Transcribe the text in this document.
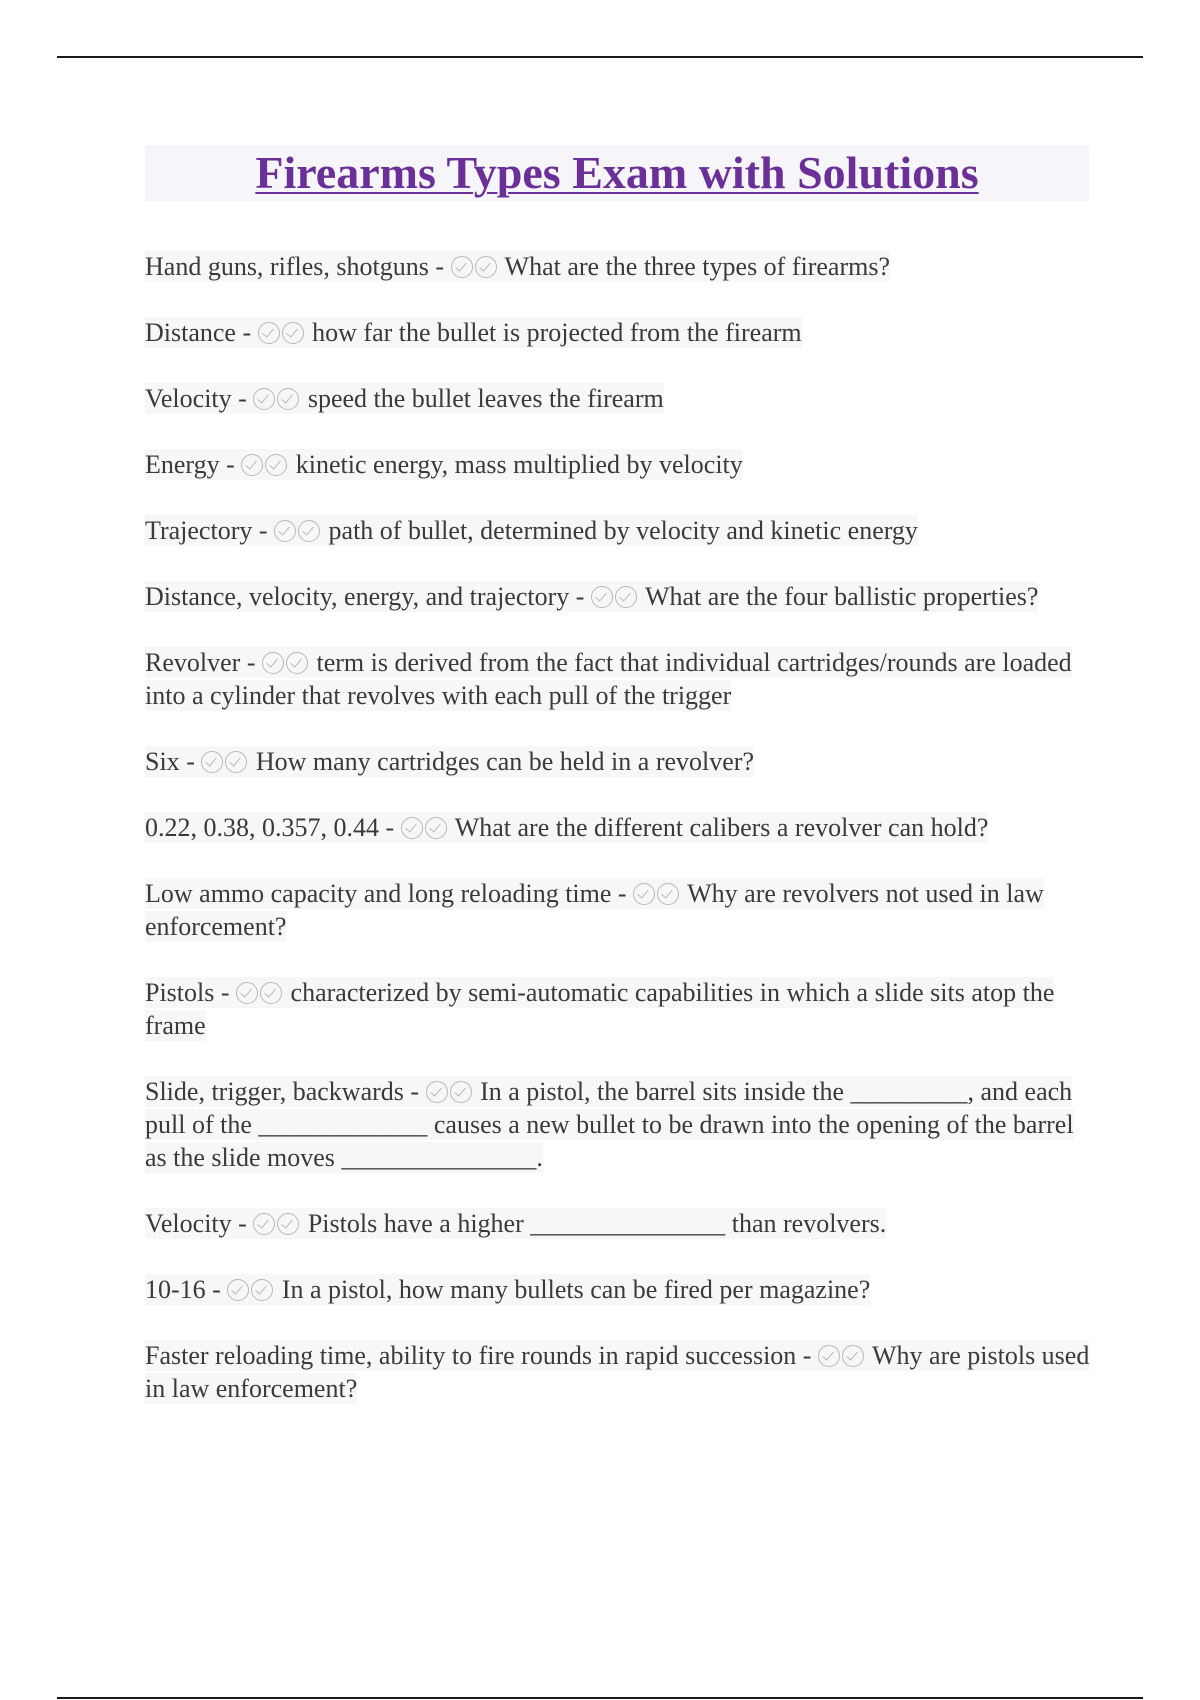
Firearms Types Exam with Solutions
Hand guns, rifles, shotguns -  What are the three types of firearms?
Distance -  how far the bullet is projected from the firearm
Velocity -  speed the bullet leaves the firearm
Energy -  kinetic energy, mass multiplied by velocity
Trajectory -  path of bullet, determined by velocity and kinetic energy
Distance, velocity, energy, and trajectory -  What are the four ballistic properties?
Revolver -  term is derived from the fact that individual cartridges/rounds are loaded into a cylinder that revolves with each pull of the trigger
Six -  How many cartridges can be held in a revolver?
0.22, 0.38, 0.357, 0.44 -  What are the different calibers a revolver can hold?
Low ammo capacity and long reloading time -  Why are revolvers not used in law enforcement?
Pistols -  characterized by semi-automatic capabilities in which a slide sits atop the frame
Slide, trigger, backwards -  In a pistol, the barrel sits inside the _________, and each pull of the _____________ causes a new bullet to be drawn into the opening of the barrel as the slide moves _______________.
Velocity -  Pistols have a higher _______________ than revolvers.
10-16 -  In a pistol, how many bullets can be fired per magazine?
Faster reloading time, ability to fire rounds in rapid succession -  Why are pistols used in law enforcement?
